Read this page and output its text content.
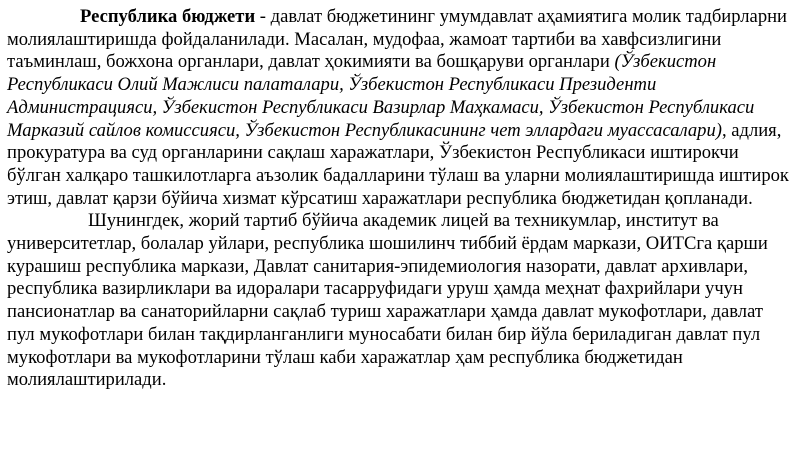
Республика бюджети - давлат бюджетининг умумдавлат аҳамиятига молик тадбирларни молиялаштиришда фойдаланилади. Масалан, мудофаа, жамоат тартиби ва хавфсизлигини таъминлаш, божхона органлари, давлат ҳокимияти ва бошқаруви органлари (Ўзбекистон Республикаси Олий Мажлиси палаталари, Ўзбекистон Республикаси Президенти Администрацияси, Ўзбекистон Республикаси Вазирлар Маҳкамаси, Ўзбекистон Республикаси Марказий сайлов комиссияси, Ўзбекистон Республикасининг чет эллардаги муассасалари), адлия, прокуратура ва суд органларини сақлаш харажатлари, Ўзбекистон Республикаси иштирокчи бўлган халқаро ташкилотларга аъзолик бадалларини тўлаш ва уларни молиялаштиришда иштирок этиш, давлат қарзи бўйича хизмат кўрсатиш харажатлари республика бюджетидан қопланади.

Шунингдек, жорий тартиб бўйича академик лицей ва техникумлар, институт ва университетлар, болалар уйлари, республика шошилинч тиббий ёрдам маркази, ОИТСга қарши курашиш республика маркази, Давлат санитария-эпидемиология назорати, давлат архивлари, республика вазирликлари ва идоралари тасарруфидаги уруш ҳамда меҳнат фахрийлари учун пансионатлар ва санаторийларни сақлаб туриш харажатлари ҳамда давлат мукофотлари, давлат пул мукофотлари билан тақдирланганлиги муносабати билан бир йўла бериладиган давлат пул мукофотлари ва мукофотларини тўлаш каби харажатлар ҳам республика бюджетидан молиялаштирилади.
